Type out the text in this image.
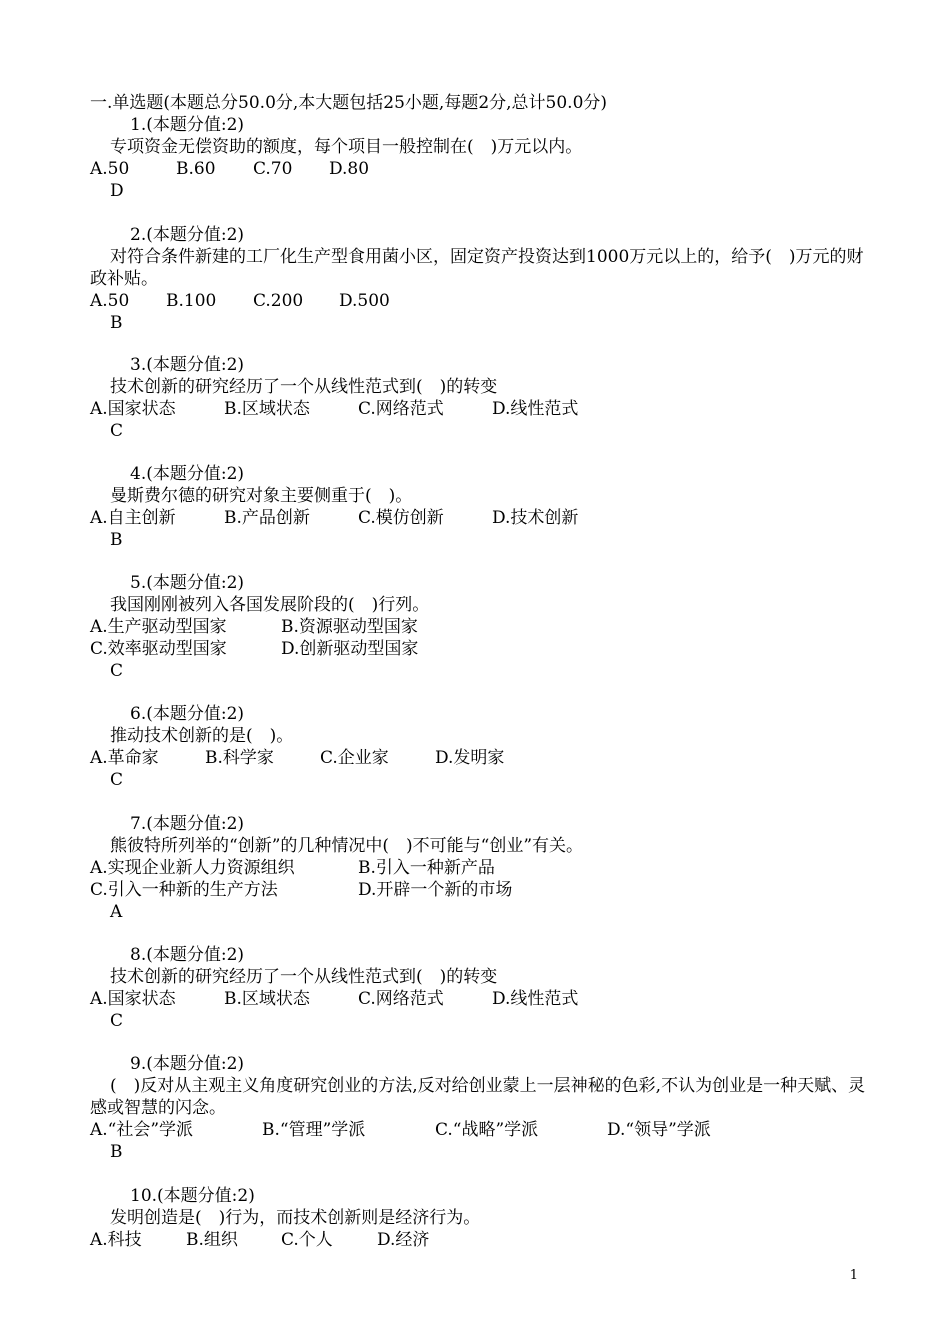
一.单选题(本题总分50.0分,本大题包括25小题,每题2分,总计50.0分)
1.(本题分值:2)
专项资金无偿资助的额度，每个项目一般控制在(　)万元以内。
A.50	B.60	C.70	D.80
D
2.(本题分值:2)
对符合条件新建的工厂化生产型食用菌小区，固定资产投资达到1000万元以上的，给予(　)万元的财政补贴。
A.50	B.100	C.200	D.500
B
3.(本题分值:2)
技术创新的研究经历了一个从线性范式到(　)的转变
A.国家状态	B.区域状态	C.网络范式	D.线性范式
C
4.(本题分值:2)
曼斯费尔德的研究对象主要侧重于(　)。
A.自主创新	B.产品创新	C.模仿创新	D.技术创新
B
5.(本题分值:2)
我国刚刚被列入各国发展阶段的(　)行列。
A.生产驱动型国家	B.资源驱动型国家
C.效率驱动型国家	D.创新驱动型国家
C
6.(本题分值:2)
推动技术创新的是(　)。
A.革命家	B.科学家	C.企业家	D.发明家
C
7.(本题分值:2)
熊彼特所列举的“创新”的几种情况中(　)不可能与“创业”有关。
A.实现企业新人力资源组织	B.引入一种新产品
C.引入一种新的生产方法	D.开辟一个新的市场
A
8.(本题分值:2)
技术创新的研究经历了一个从线性范式到(　)的转变
A.国家状态	B.区域状态	C.网络范式	D.线性范式
C
9.(本题分值:2)
(　)反对从主观主义角度研究创业的方法,反对给创业蒙上一层神秘的色彩,不认为创业是一种天赋、灵感或智慧的闪念。
A.“社会”学派	B.“管理”学派	C.“战略”学派	D.“领导”学派
B
10.(本题分值:2)
发明创造是(　)行为，而技术创新则是经济行为。
A.科技	B.组织	C.个人	D.经济
1
